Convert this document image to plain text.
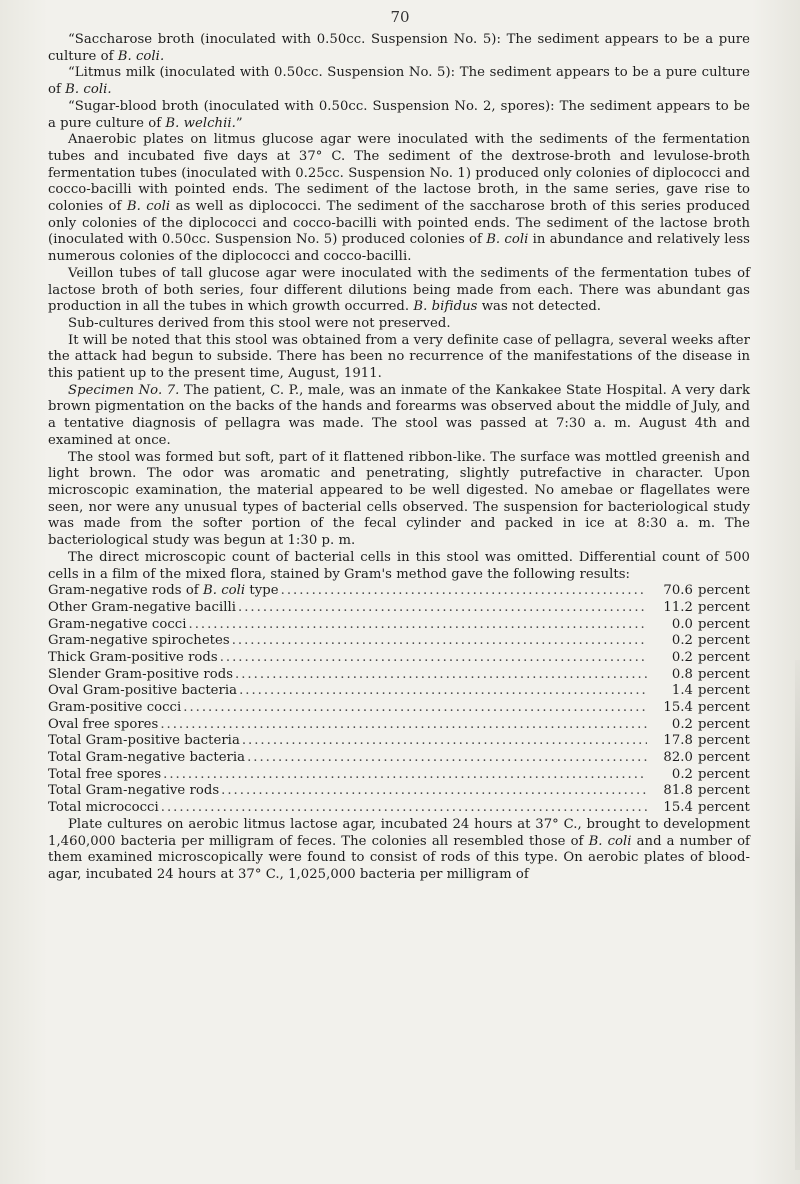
70

“Saccharose broth (inoculated with 0.50cc. Suspension No. 5): The sediment appears to be a pure culture of B. coli.

“Litmus milk (inoculated with 0.50cc. Suspension No. 5): The sediment appears to be a pure culture of B. coli.

“Sugar-blood broth (inoculated with 0.50cc. Suspension No. 2, spores): The sediment appears to be a pure culture of B. welchii.”

Anaerobic plates on litmus glucose agar were inoculated with the sediments of the fermentation tubes and incubated five days at 37° C. The sediment of the dextrose-broth and levulose-broth fermentation tubes (inoculated with 0.25cc. Suspension No. 1) produced only colonies of diplococci and cocco-bacilli with pointed ends. The sediment of the lactose broth, in the same series, gave rise to colonies of B. coli as well as diplococci. The sediment of the saccharose broth of this series produced only colonies of the diplococci and cocco-bacilli with pointed ends. The sediment of the lactose broth (inoculated with 0.50cc. Suspension No. 5) produced colonies of B. coli in abundance and relatively less numerous colonies of the diplococci and cocco-bacilli.

Veillon tubes of tall glucose agar were inoculated with the sediments of the fermentation tubes of lactose broth of both series, four different dilutions being made from each. There was abundant gas production in all the tubes in which growth occurred. B. bifidus was not detected.

Sub-cultures derived from this stool were not preserved.

It will be noted that this stool was obtained from a very definite case of pellagra, several weeks after the attack had begun to subside. There has been no recurrence of the manifestations of the disease in this patient up to the present time, August, 1911.

Specimen No. 7. The patient, C. P., male, was an inmate of the Kankakee State Hospital. A very dark brown pigmentation on the backs of the hands and forearms was observed about the middle of July, and a tentative diagnosis of pellagra was made. The stool was passed at 7:30 a. m. August 4th and examined at once.

The stool was formed but soft, part of it flattened ribbon-like. The surface was mottled greenish and light brown. The odor was aromatic and penetrating, slightly putrefactive in character. Upon microscopic examination, the material appeared to be well digested. No amebae or flagellates were seen, nor were any unusual types of bacterial cells observed. The suspension for bacteriological study was made from the softer portion of the fecal cylinder and packed in ice at 8:30 a. m. The bacteriological study was begun at 1:30 p. m.

The direct microscopic count of bacterial cells in this stool was omitted. Differential count of 500 cells in a film of the mixed flora, stained by Gram's method gave the following results:

Gram-negative rods of B. coli type .....	70.6 percent
Other Gram-negative bacilli .....	11.2 percent
Gram-negative cocci .....	0.0 percent
Gram-negative spirochetes .....	0.2 percent
Thick Gram-positive rods .....	0.2 percent
Slender Gram-positive rods .....	0.8 percent
Oval Gram-positive bacteria .....	1.4 percent
Gram-positive cocci .....	15.4 percent
Oval free spores .....	0.2 percent
Total Gram-positive bacteria .....	17.8 percent
Total Gram-negative bacteria .....	82.0 percent
Total free spores .....	0.2 percent
Total Gram-negative rods .....	81.8 percent
Total micrococci .....	15.4 percent

Plate cultures on aerobic litmus lactose agar, incubated 24 hours at 37° C., brought to development 1,460,000 bacteria per milligram of feces. The colonies all resembled those of B. coli and a number of them examined microscopically were found to consist of rods of this type. On aerobic plates of blood-agar, incubated 24 hours at 37° C., 1,025,000 bacteria per milligram of
